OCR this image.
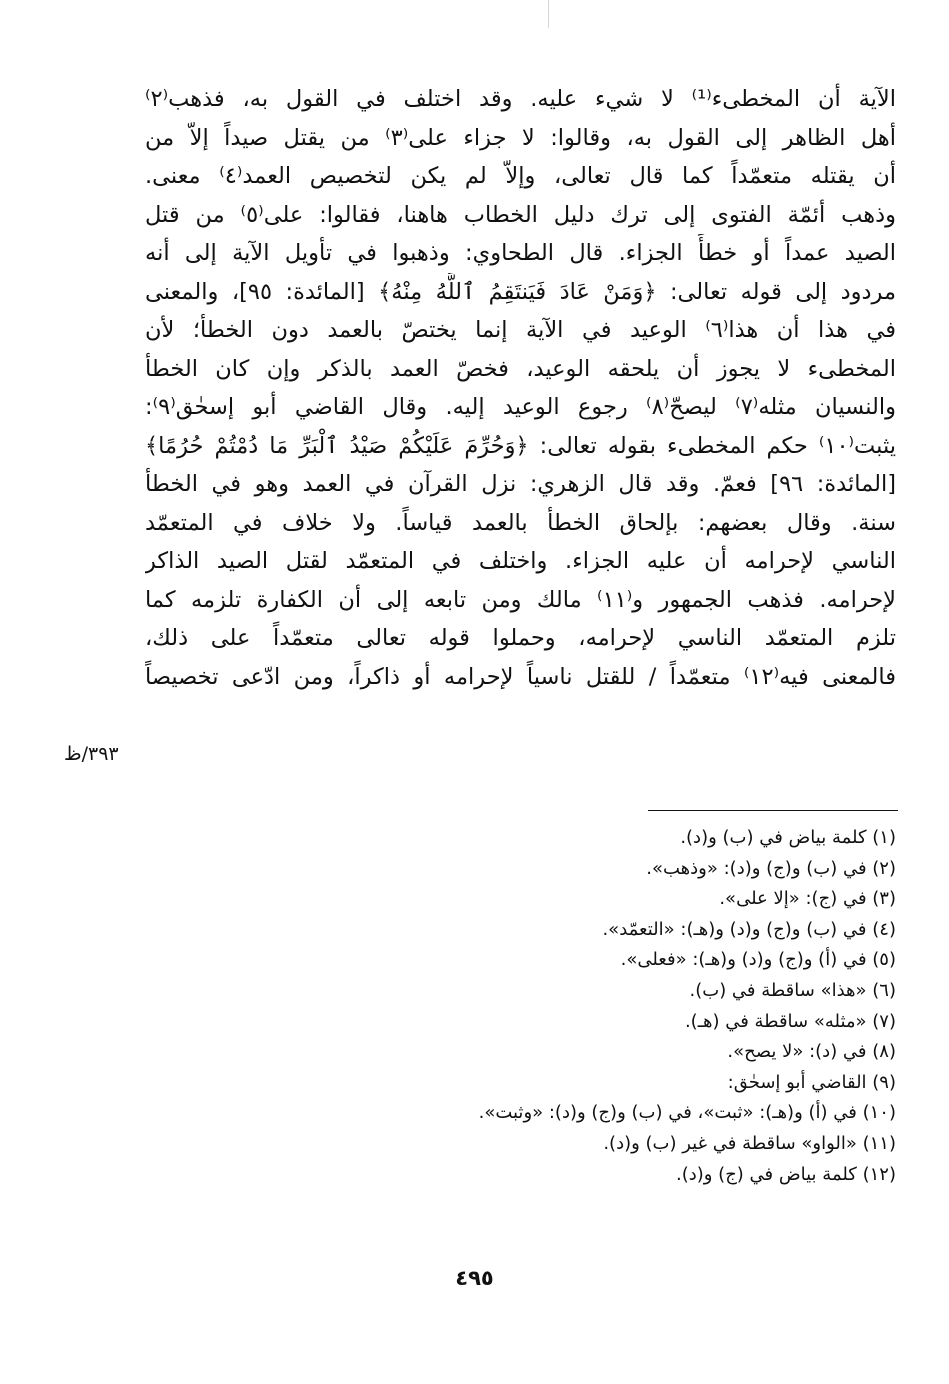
الآية أن المخطىء⁽¹⁾ لا شيء عليه. وقد اختلف في القول به، فذهب⁽٢⁾
أهل الظاهر إلى القول به، وقالوا: لا جزاء على⁽٣⁾ من يقتل صيداً إلاّ من
أن يقتله متعمّداً كما قال تعالى، وإلاّ لم يكن لتخصيص العمد⁽٤⁾ معنى.
وذهب أئمّة الفتوى إلى ترك دليل الخطاب هاهنا، فقالوا: على⁽٥⁾ من قتل
الصيد عمداً أو خطأً الجزاء. قال الطحاوي: وذهبوا في تأويل الآية إلى أنه
مردود إلى قوله تعالى: ﴿وَمَنْ عَادَ فَيَنتَقِمُ ٱللَّهُ مِنْهُ﴾ [المائدة: ٩٥]، والمعنى
في هذا أن هذا⁽٦⁾ الوعيد في الآية إنما يختصّ بالعمد دون الخطأ؛ لأن
المخطىء لا يجوز أن يلحقه الوعيد، فخصّ العمد بالذكر وإن كان الخطأ
والنسيان مثله⁽٧⁾ ليصحّ⁽٨⁾ رجوع الوعيد إليه. وقال القاضي أبو إسحٰق⁽٩⁾:
يثبت⁽١٠⁾ حكم المخطىء بقوله تعالى: ﴿وَحُرِّمَ عَلَيْكُمْ صَيْدُ ٱلْبَرِّ مَا دُمْتُمْ حُرُمًا﴾
[المائدة: ٩٦] فعمّ. وقد قال الزهري: نزل القرآن في العمد وهو في الخطأ
سنة. وقال بعضهم: بإلحاق الخطأ بالعمد قياساً. ولا خلاف في المتعمّد
الناسي لإحرامه أن عليه الجزاء. واختلف في المتعمّد لقتل الصيد الذاكر
لإحرامه. فذهب الجمهور و⁽١١⁾ مالك ومن تابعه إلى أن الكفارة تلزمه كما
تلزم المتعمّد الناسي لإحرامه، وحملوا قوله تعالى متعمّداً على ذلك،
فالمعنى فيه⁽١٢⁾ متعمّداً / للقتل ناسياً لإحرامه أو ذاكراً، ومن ادّعى تخصيصاً
٣٩٣/ظ
(١) كلمة بياض في (ب) و(د).
(٢) في (ب) و(ج) و(د): «وذهب».
(٣) في (ج): «إلا على».
(٤) في (ب) و(ج) و(د) و(هـ): «التعمّد».
(٥) في (أ) و(ج) و(د) و(هـ): «فعلى».
(٦) «هذا» ساقطة في (ب).
(٧) «مثله» ساقطة في (هـ).
(٨) في (د): «لا يصح».
(٩) القاضي أبو إسحٰق:
(١٠) في (أ) و(هـ): «ثبت»، في (ب) و(ج) و(د): «وثبت».
(١١) «الواو» ساقطة في غير (ب) و(د).
(١٢) كلمة بياض في (ج) و(د).
٤٩٥
